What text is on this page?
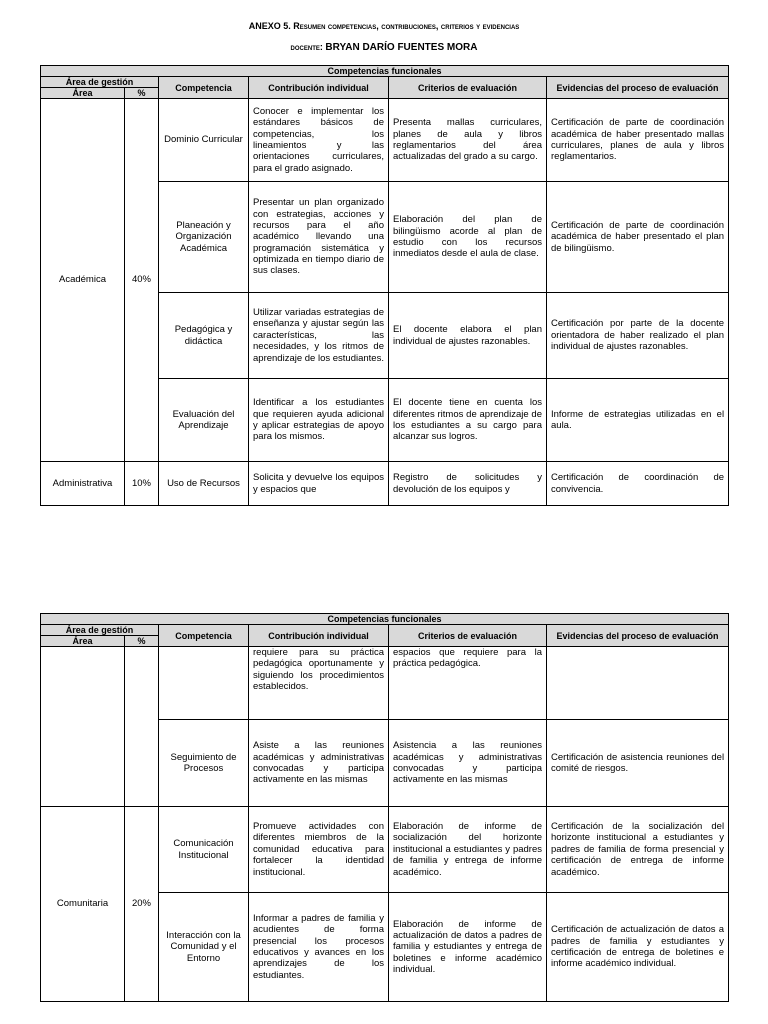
ANEXO 5. Resumen competencias, contribuciones, criterios y evidencias
docente: BRYAN DARÍO FUENTES MORA
Competencias funcionales					
Área de gestión		Competencia	Contribución individual	Criterios de evaluación	Evidencias del proceso de evaluación
Área	%				
Académica	40%	Dominio Curricular	Conocer e implementar los estándares básicos de competencias, los lineamientos y las orientaciones curriculares, para el grado asignado.	Presenta mallas curriculares, planes de aula y libros reglamentarios del área actualizadas del grado a su cargo.	Certificación de parte de coordinación académica de haber presentado mallas curriculares, planes de aula y libros reglamentarios.
		Planeación y Organización Académica	Presentar un plan organizado con estrategias, acciones y recursos para el año académico llevando una programación sistemática y optimizada en tiempo diario de sus clases.	Elaboración del plan de bilingüismo acorde al plan de estudio con los recursos inmediatos desde el aula de clase.	Certificación de parte de coordinación académica de haber presentado el plan de bilingüismo.
		Pedagógica y didáctica	Utilizar variadas estrategias de enseñanza y ajustar según las características, las necesidades, y los ritmos de aprendizaje de los estudiantes.	El docente elabora el plan individual de ajustes razonables.	Certificación por parte de la docente orientadora de haber realizado el plan individual de ajustes razonables.
		Evaluación del Aprendizaje	Identificar a los estudiantes que requieren ayuda adicional y aplicar estrategias de apoyo para los mismos.	El docente tiene en cuenta los diferentes ritmos de aprendizaje de los estudiantes a su cargo para alcanzar sus logros.	Informe de estrategias utilizadas en el aula.
Administrativa	10%	Uso de Recursos	Solicita y devuelve los equipos y espacios que	Registro de solicitudes y devolución de los equipos y	Certificación de coordinación de convivencia.
Competencias funcionales					
Área de gestión		Competencia	Contribución individual	Criterios de evaluación	Evidencias del proceso de evaluación
Área	%				
			requiere para su práctica pedagógica oportunamente y siguiendo los procedimientos establecidos.	espacios que requiere para la práctica pedagógica.	
		Seguimiento de Procesos	Asiste a las reuniones académicas y administrativas convocadas y participa activamente en las mismas	Asistencia a las reuniones académicas y administrativas convocadas y participa activamente en las mismas	Certificación de asistencia reuniones del comité de riesgos.
Comunitaria	20%	Comunicación Institucional	Promueve actividades con diferentes miembros de la comunidad educativa para fortalecer la identidad institucional.	Elaboración de informe de socialización del horizonte institucional a estudiantes y padres de familia y entrega de informe académico.	Certificación de la socialización del horizonte institucional a estudiantes y padres de familia de forma presencial y certificación de entrega de informe académico.
		Interacción con la Comunidad y el Entorno	Informar a padres de familia y acudientes de forma presencial los procesos educativos y avances en los aprendizajes de los estudiantes.	Elaboración de informe de actualización de datos a padres de familia y estudiantes y entrega de boletines e informe académico individual.	Certificación de actualización de datos a padres de familia y estudiantes y certificación de entrega de boletines e informe académico individual.
